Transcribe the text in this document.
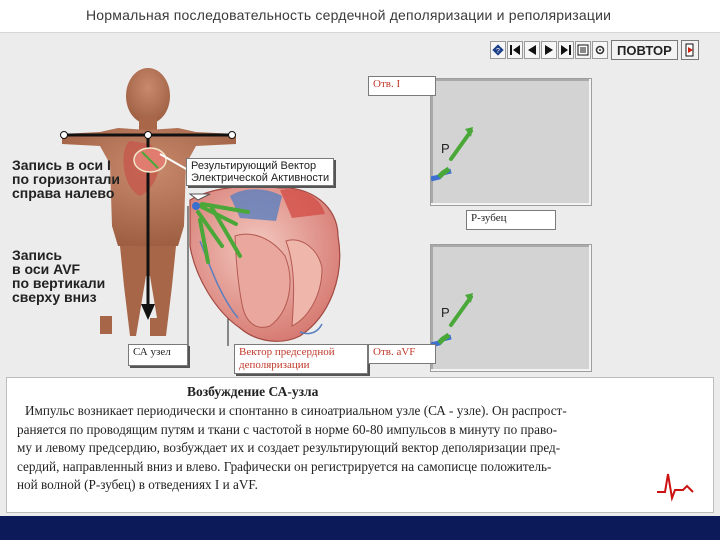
Нормальная последовательность сердечной деполяризации и реполяризации
?	ПОВТОР
Запись в оси I
по горизонтали
справа налево
Запись
в оси AVF
по вертикали
сверху вниз
Результирующий Вектор
Электрической Активности
СА узел	Вектор предсердной
деполяризации
P
Отв. I
Р-зубец
P
Отв. aVF
Возбуждение СА-узла
Импульс возникает периодически и спонтанно в синоатриальном узле (СА - узле). Он распрост-
раняется по проводящим путям и ткани с частотой в норме 60-80 импульсов в минуту по право-
му и левому предсердию, возбуждает их и создает результирующий вектор деполяризации пред-
сердий, направленный вниз и влево. Графически он регистрируется на самописце положитель-
ной волной (Р-зубец) в отведениях I и aVF.
